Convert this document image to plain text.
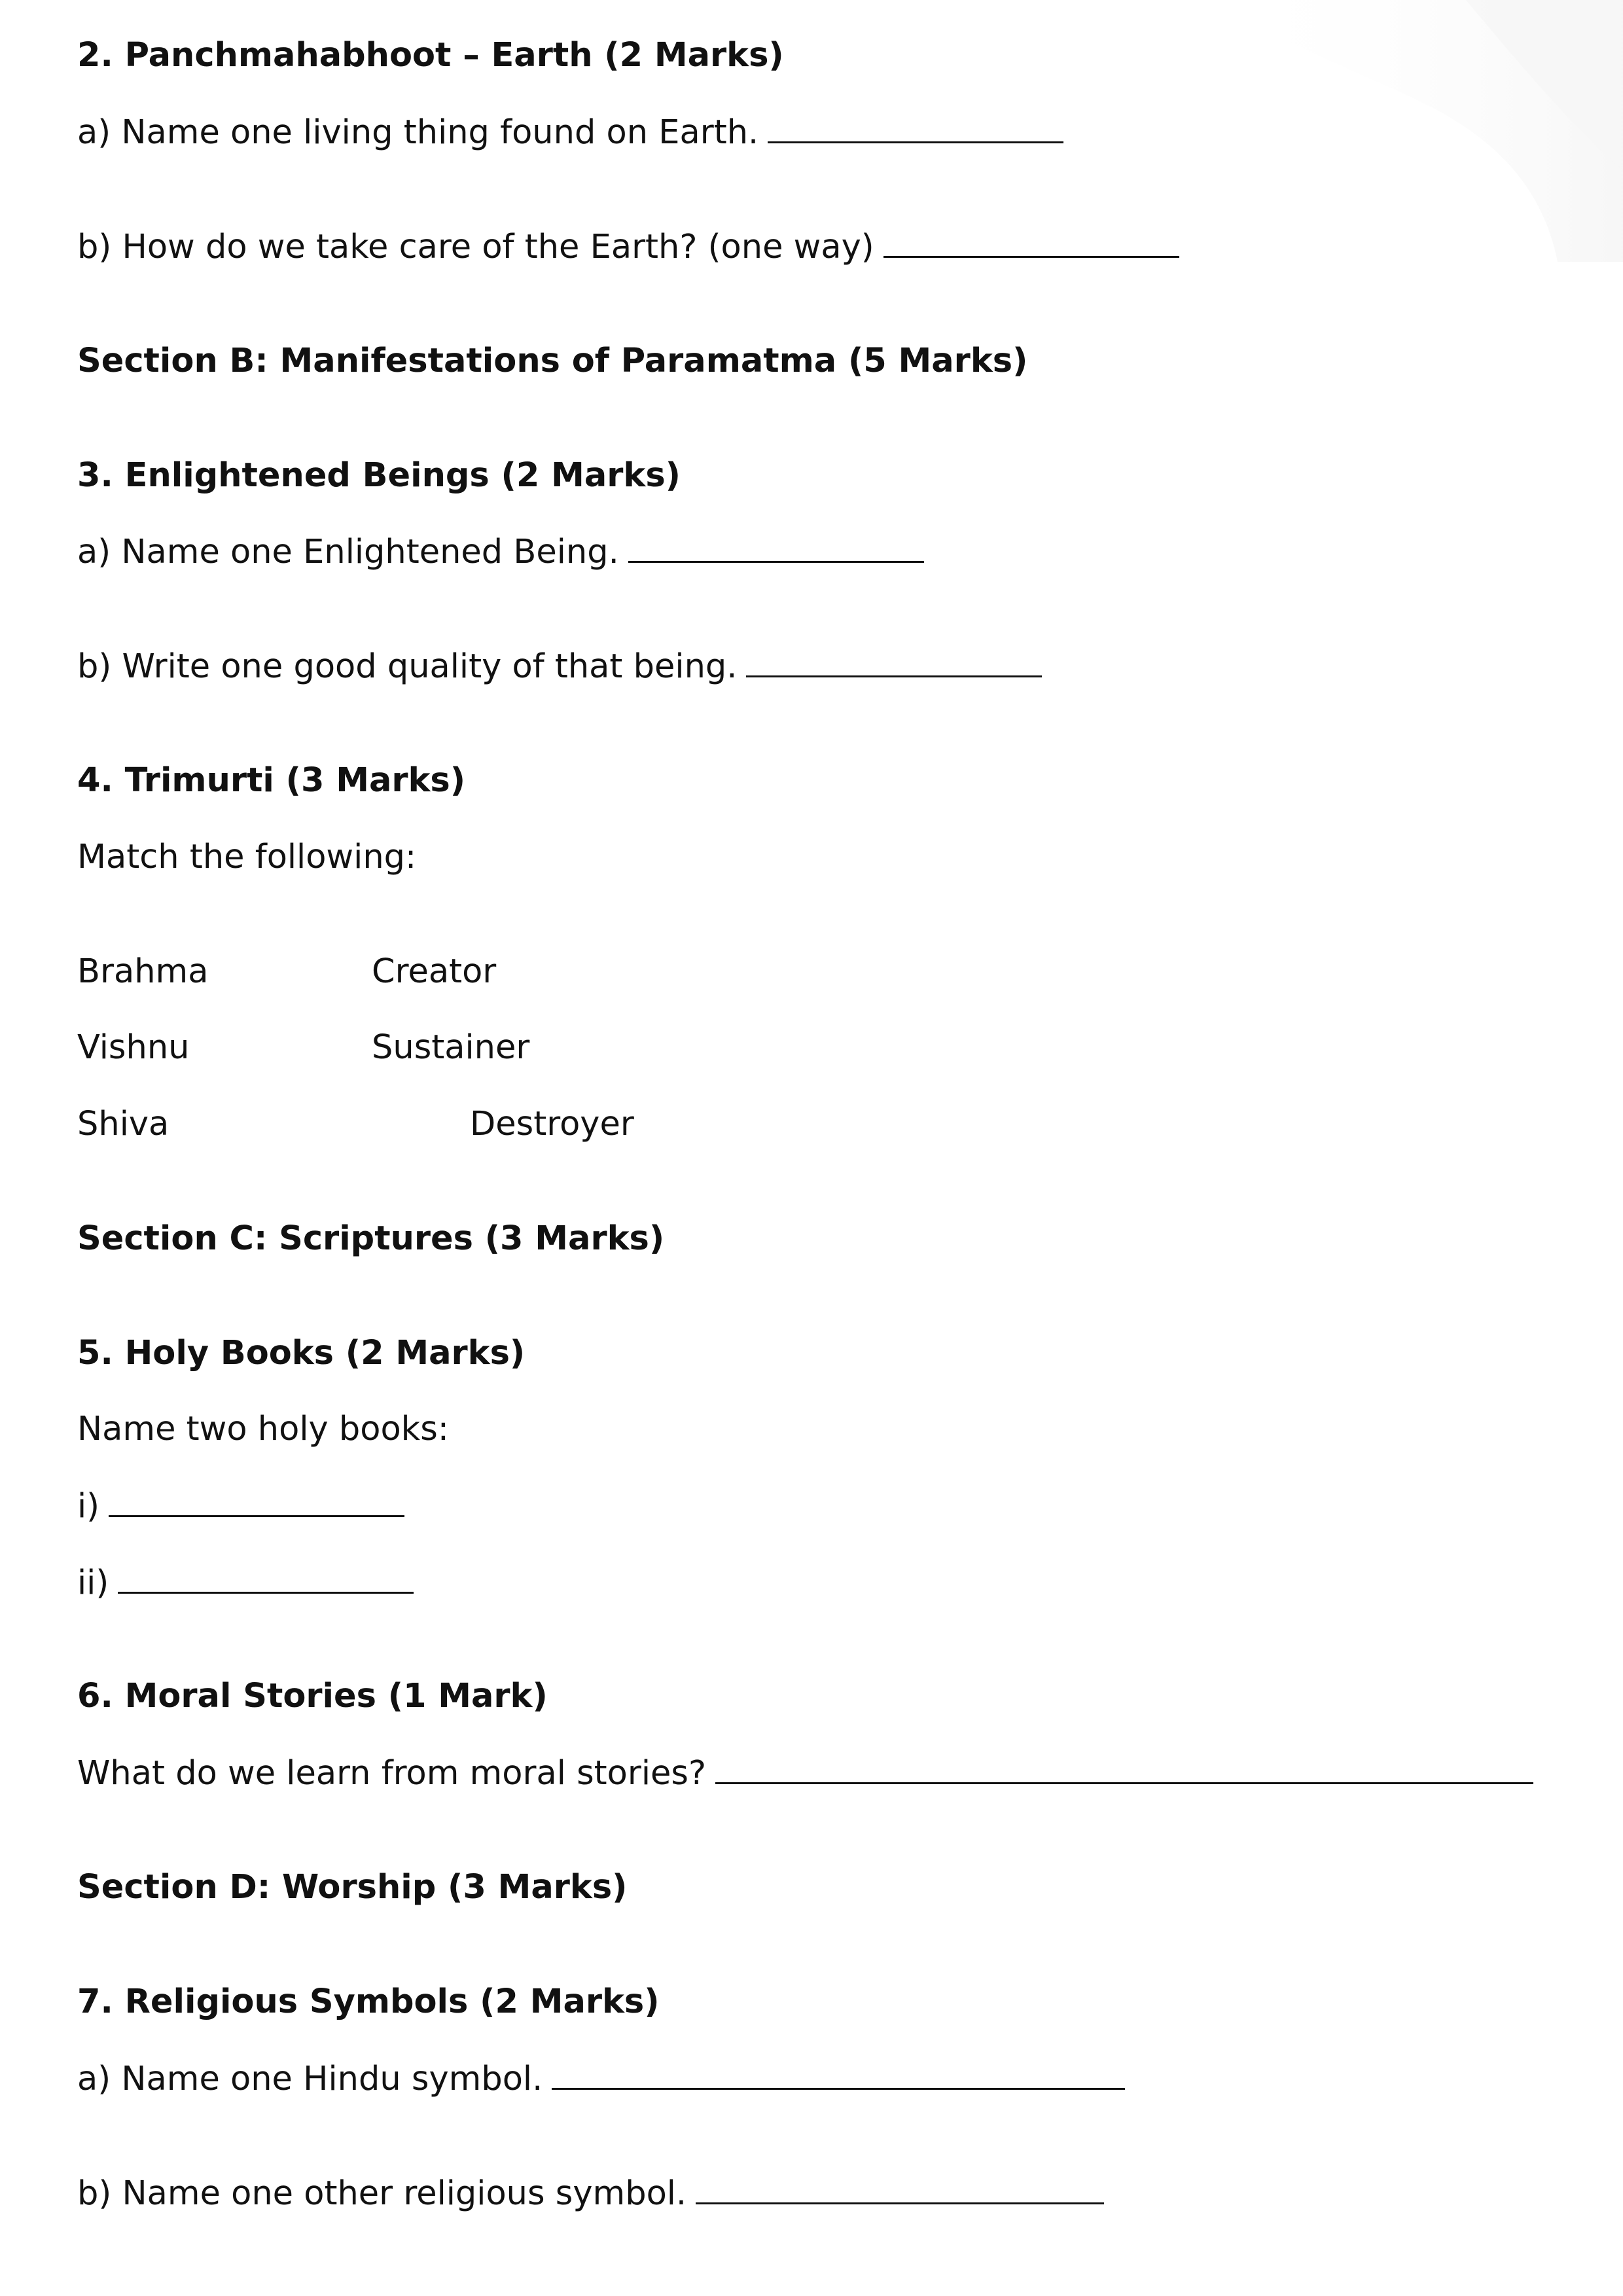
2. Panchmahabhoot – Earth (2 Marks)
a) Name one living thing found on Earth.
b) How do we take care of the Earth? (one way)
Section B: Manifestations of Paramatma (5 Marks)
3. Enlightened Beings (2 Marks)
a) Name one Enlightened Being.
b) Write one good quality of that being.
4. Trimurti (3 Marks)
Match the following:
Brahma	Creator
Vishnu	Sustainer
Shiva	Destroyer
Section C: Scriptures (3 Marks)
5. Holy Books (2 Marks)
Name two holy books:
i)
ii)
6. Moral Stories (1 Mark)
What do we learn from moral stories?
Section D: Worship (3 Marks)
7. Religious Symbols (2 Marks)
a) Name one Hindu symbol.
b) Name one other religious symbol.
